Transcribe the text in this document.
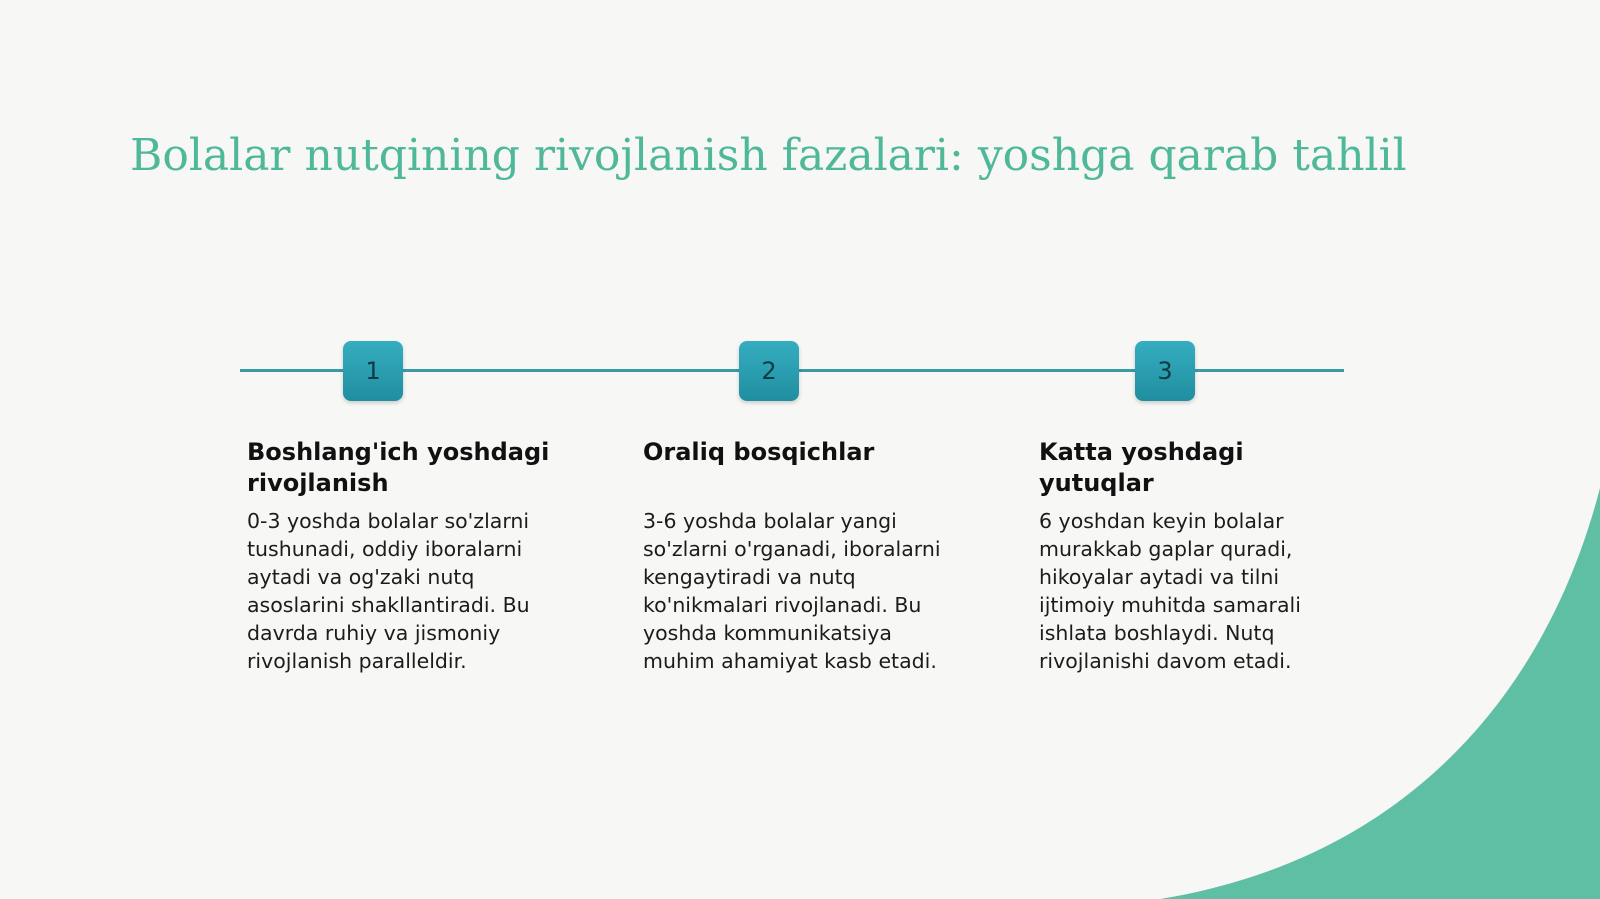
Bolalar nutqining rivojlanish fazalari: yoshga qarab tahlil
1	2	3
Boshlang'ich yoshdagi rivojlanish

0-3 yoshda bolalar so'zlarni tushunadi, oddiy iboralarni aytadi va og'zaki nutq asoslarini shakllantiradi. Bu davrda ruhiy va jismoniy rivojlanish paralleldir.

Oraliq bosqichlar

3-6 yoshda bolalar yangi so'zlarni o'rganadi, iboralarni kengaytiradi va nutq ko'nikmalari rivojlanadi. Bu yoshda kommunikatsiya muhim ahamiyat kasb etadi.

Katta yoshdagi yutuqlar

6 yoshdan keyin bolalar murakkab gaplar quradi, hikoyalar aytadi va tilni ijtimoiy muhitda samarali ishlata boshlaydi. Nutq rivojlanishi davom etadi.
